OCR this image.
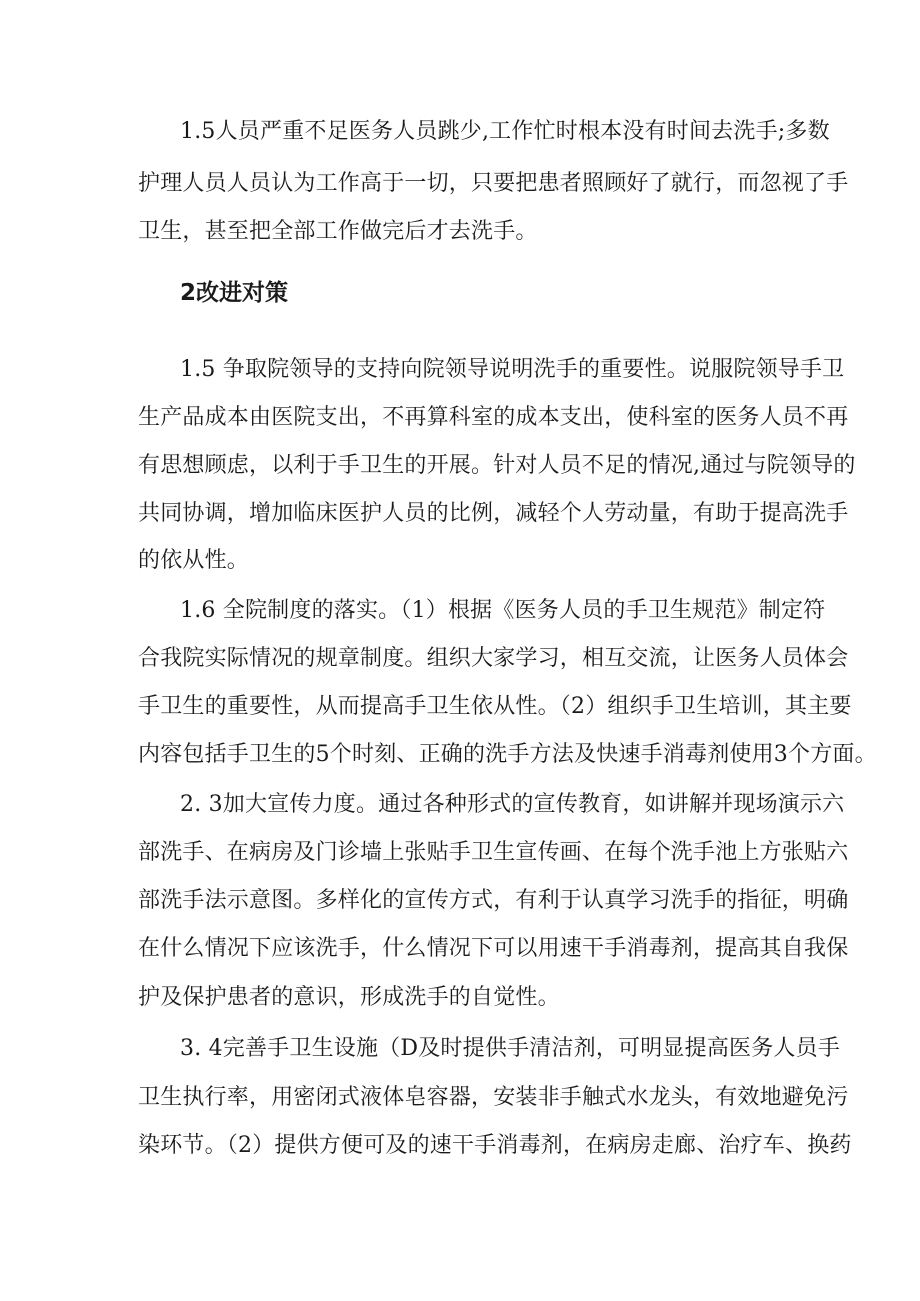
1.5人员严重不足医务人员跳少,工作忙时根本没有时间去洗手;多数

护理人员人员认为工作高于一切，只要把患者照顾好了就行，而忽视了手

卫生，甚至把全部工作做完后才去洗手。

2改进对策

1.5 争取院领导的支持向院领导说明洗手的重要性。说服院领导手卫

生产品成本由医院支出，不再算科室的成本支出，使科室的医务人员不再

有思想顾虑，以利于手卫生的开展。针对人员不足的情况,通过与院领导的

共同协调，增加临床医护人员的比例，减轻个人劳动量，有助于提高洗手

的依从性。

1.6 全院制度的落实。（1）根据《医务人员的手卫生规范》制定符

合我院实际情况的规章制度。组织大家学习，相互交流，让医务人员体会

手卫生的重要性，从而提高手卫生依从性。（2）组织手卫生培训，其主要

内容包括手卫生的5个时刻、正确的洗手方法及快速手消毒剂使用3个方面。

2. 3加大宣传力度。通过各种形式的宣传教育，如讲解并现场演示六

部洗手、在病房及门诊墙上张贴手卫生宣传画、在每个洗手池上方张贴六

部洗手法示意图。多样化的宣传方式，有利于认真学习洗手的指征，明确

在什么情况下应该洗手，什么情况下可以用速干手消毒剂，提高其自我保

护及保护患者的意识，形成洗手的自觉性。

3. 4完善手卫生设施（D及时提供手清洁剂，可明显提高医务人员手

卫生执行率，用密闭式液体皂容器，安装非手触式水龙头，有效地避免污

染环节。（2）提供方便可及的速干手消毒剂，在病房走廊、治疗车、换药
